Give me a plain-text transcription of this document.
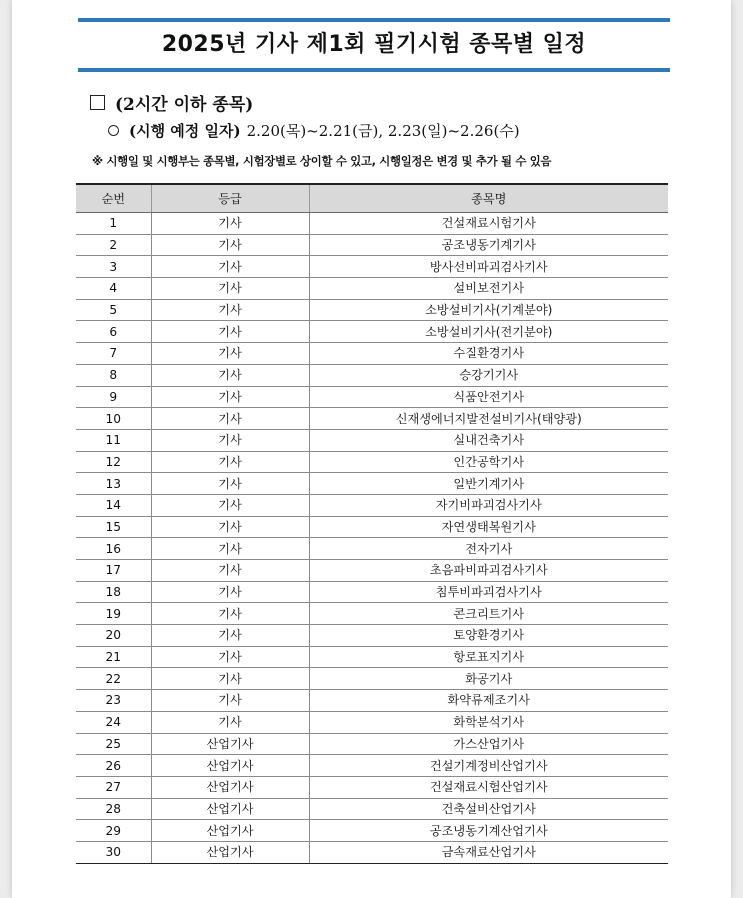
2025년 기사 제1회 필기시험 종목별 일정
(2시간 이하 종목)
(시행 예정 일자) 2.20(목)~2.21(금), 2.23(일)~2.26(수)
※ 시행일 및 시행부는 종목별, 시험장별로 상이할 수 있고, 시행일정은 변경 및 추가 될 수 있음
순번	등급	종목명
1	기사	건설재료시험기사
2	기사	공조냉동기계기사
3	기사	방사선비파괴검사기사
4	기사	설비보전기사
5	기사	소방설비기사(기계분야)
6	기사	소방설비기사(전기분야)
7	기사	수질환경기사
8	기사	승강기기사
9	기사	식품안전기사
10	기사	신재생에너지발전설비기사(태양광)
11	기사	실내건축기사
12	기사	인간공학기사
13	기사	일반기계기사
14	기사	자기비파괴검사기사
15	기사	자연생태복원기사
16	기사	전자기사
17	기사	초음파비파괴검사기사
18	기사	침투비파괴검사기사
19	기사	콘크리트기사
20	기사	토양환경기사
21	기사	항로표지기사
22	기사	화공기사
23	기사	화약류제조기사
24	기사	화학분석기사
25	산업기사	가스산업기사
26	산업기사	건설기계정비산업기사
27	산업기사	건설재료시험산업기사
28	산업기사	건축설비산업기사
29	산업기사	공조냉동기계산업기사
30	산업기사	금속재료산업기사
